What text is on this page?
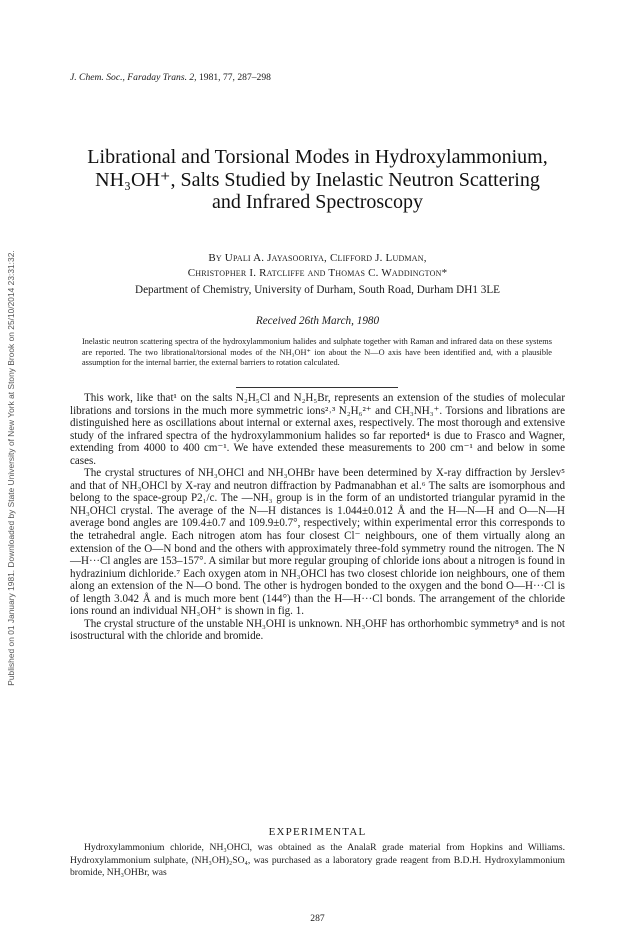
Published on 01 January 1981. Downloaded by State University of New York at Stony Brook on 25/10/2014 23:31:32.
J. Chem. Soc., Faraday Trans. 2, 1981, 77, 287–298
Librational and Torsional Modes in Hydroxylammonium,
NH₃OH⁺, Salts Studied by Inelastic Neutron Scattering
and Infrared Spectroscopy
By Upali A. Jayasooriya, Clifford J. Ludman,
Christopher I. Ratcliffe and Thomas C. Waddington*
Department of Chemistry, University of Durham, South Road, Durham DH1 3LE
Received 26th March, 1980
Inelastic neutron scattering spectra of the hydroxylammonium halides and sulphate together with Raman and infrared data on these systems are reported. The two librational/torsional modes of the NH₃OH⁺ ion about the N—O axis have been identified and, with a plausible assumption for the internal barrier, the external barriers to rotation calculated.

This work, like that¹ on the salts N₂H₅Cl and N₂H₅Br, represents an extension of the studies of molecular librations and torsions in the much more symmetric ions²˒³ N₂H₆²⁺ and CH₃NH₃⁺. Torsions and librations are distinguished here as oscillations about internal or external axes, respectively. The most thorough and extensive study of the infrared spectra of the hydroxylammonium halides so far reported⁴ is due to Frasco and Wagner, extending from 4000 to 400 cm⁻¹. We have extended these measurements to 200 cm⁻¹ and below in some cases.

The crystal structures of NH₃OHCl and NH₃OHBr have been determined by X-ray diffraction by Jerslev⁵ and that of NH₃OHCl by X-ray and neutron diffraction by Padmanabhan et al.⁶ The salts are isomorphous and belong to the space-group P2₁/c. The —NH₃ group is in the form of an undistorted triangular pyramid in the NH₃OHCl crystal. The average of the N—H distances is 1.044±0.012 Å and the H—N—H and O—N—H average bond angles are 109.4±0.7 and 109.9±0.7°, respectively; within experimental error this corresponds to the tetrahedral angle. Each nitrogen atom has four closest Cl⁻ neighbours, one of them virtually along an extension of the O—N bond and the others with approximately three-fold symmetry round the nitrogen. The N—H···Cl angles are 153–157°. A similar but more regular grouping of chloride ions about a nitrogen is found in hydrazinium dichloride.⁷ Each oxygen atom in NH₃OHCl has two closest chloride ion neighbours, one of them along an extension of the N—O bond. The other is hydrogen bonded to the oxygen and the bond O—H···Cl is of length 3.042 Å and is much more bent (144°) than the H—H···Cl bonds. The arrangement of the chloride ions round an individual NH₃OH⁺ is shown in fig. 1.

The crystal structure of the unstable NH₃OHI is unknown. NH₃OHF has orthorhombic symmetry⁸ and is not isostructural with the chloride and bromide.

EXPERIMENTAL

Hydroxylammonium chloride, NH₃OHCl, was obtained as the AnalaR grade material from Hopkins and Williams. Hydroxylammonium sulphate, (NH₃OH)₂SO₄, was purchased as a laboratory grade reagent from B.D.H. Hydroxylammonium bromide, NH₃OHBr, was

287
